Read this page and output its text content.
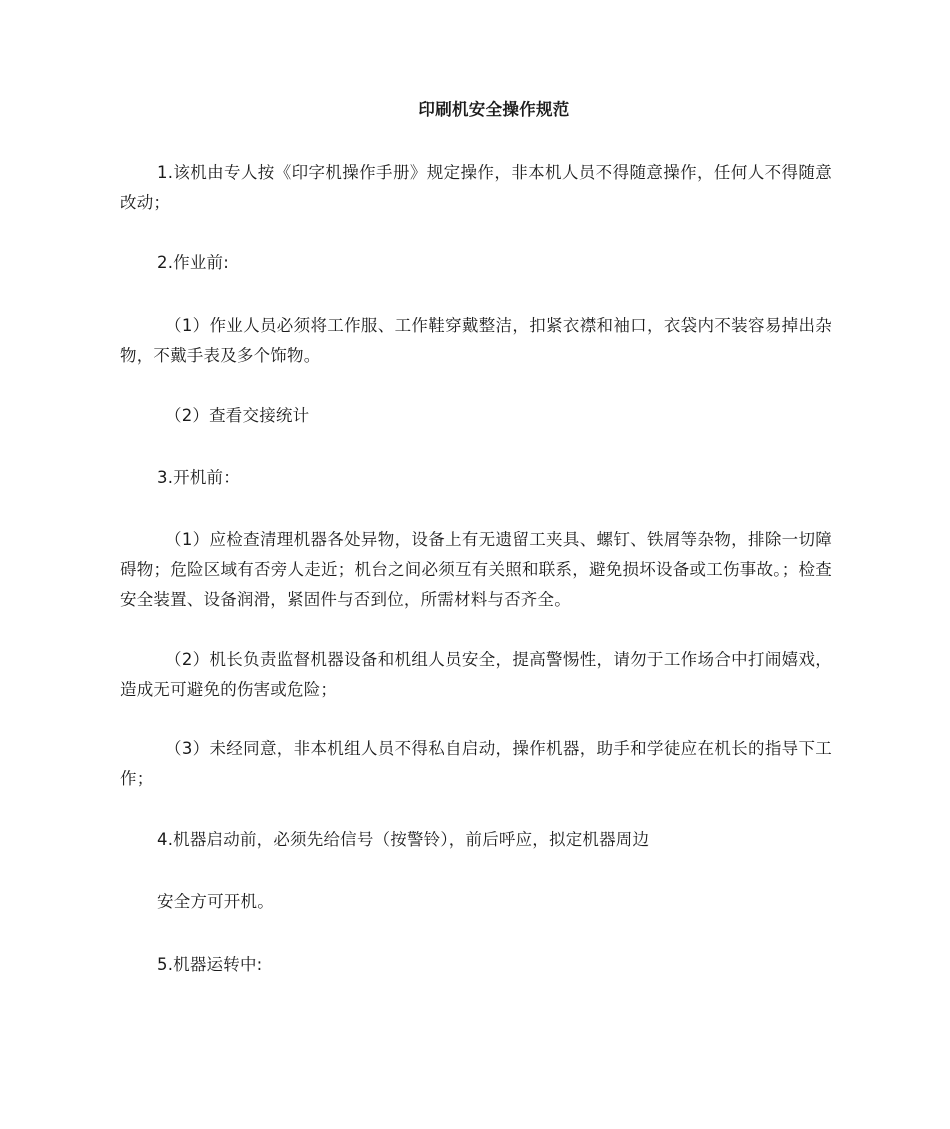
印刷机安全操作规范
1.该机由专人按《印字机操作手册》规定操作，非本机人员不得随意操作，任何人不得随意改动；
2.作业前:
（1）作业人员必须将工作服、工作鞋穿戴整洁，扣紧衣襟和袖口，衣袋内不装容易掉出杂物，不戴手表及多个饰物。
（2）查看交接统计
3.开机前：
（1）应检查清理机器各处异物，设备上有无遗留工夹具、螺钉、铁屑等杂物，排除一切障碍物；危险区域有否旁人走近；机台之间必须互有关照和联系，避免损坏设备或工伤事故。；检查安全装置、设备润滑，紧固件与否到位，所需材料与否齐全。
（2）机长负责监督机器设备和机组人员安全，提高警惕性，请勿于工作场合中打闹嬉戏，造成无可避免的伤害或危险；
（3）未经同意，非本机组人员不得私自启动，操作机器，助手和学徒应在机长的指导下工作；
4.机器启动前，必须先给信号（按警铃），前后呼应，拟定机器周边
安全方可开机。
5.机器运转中:
